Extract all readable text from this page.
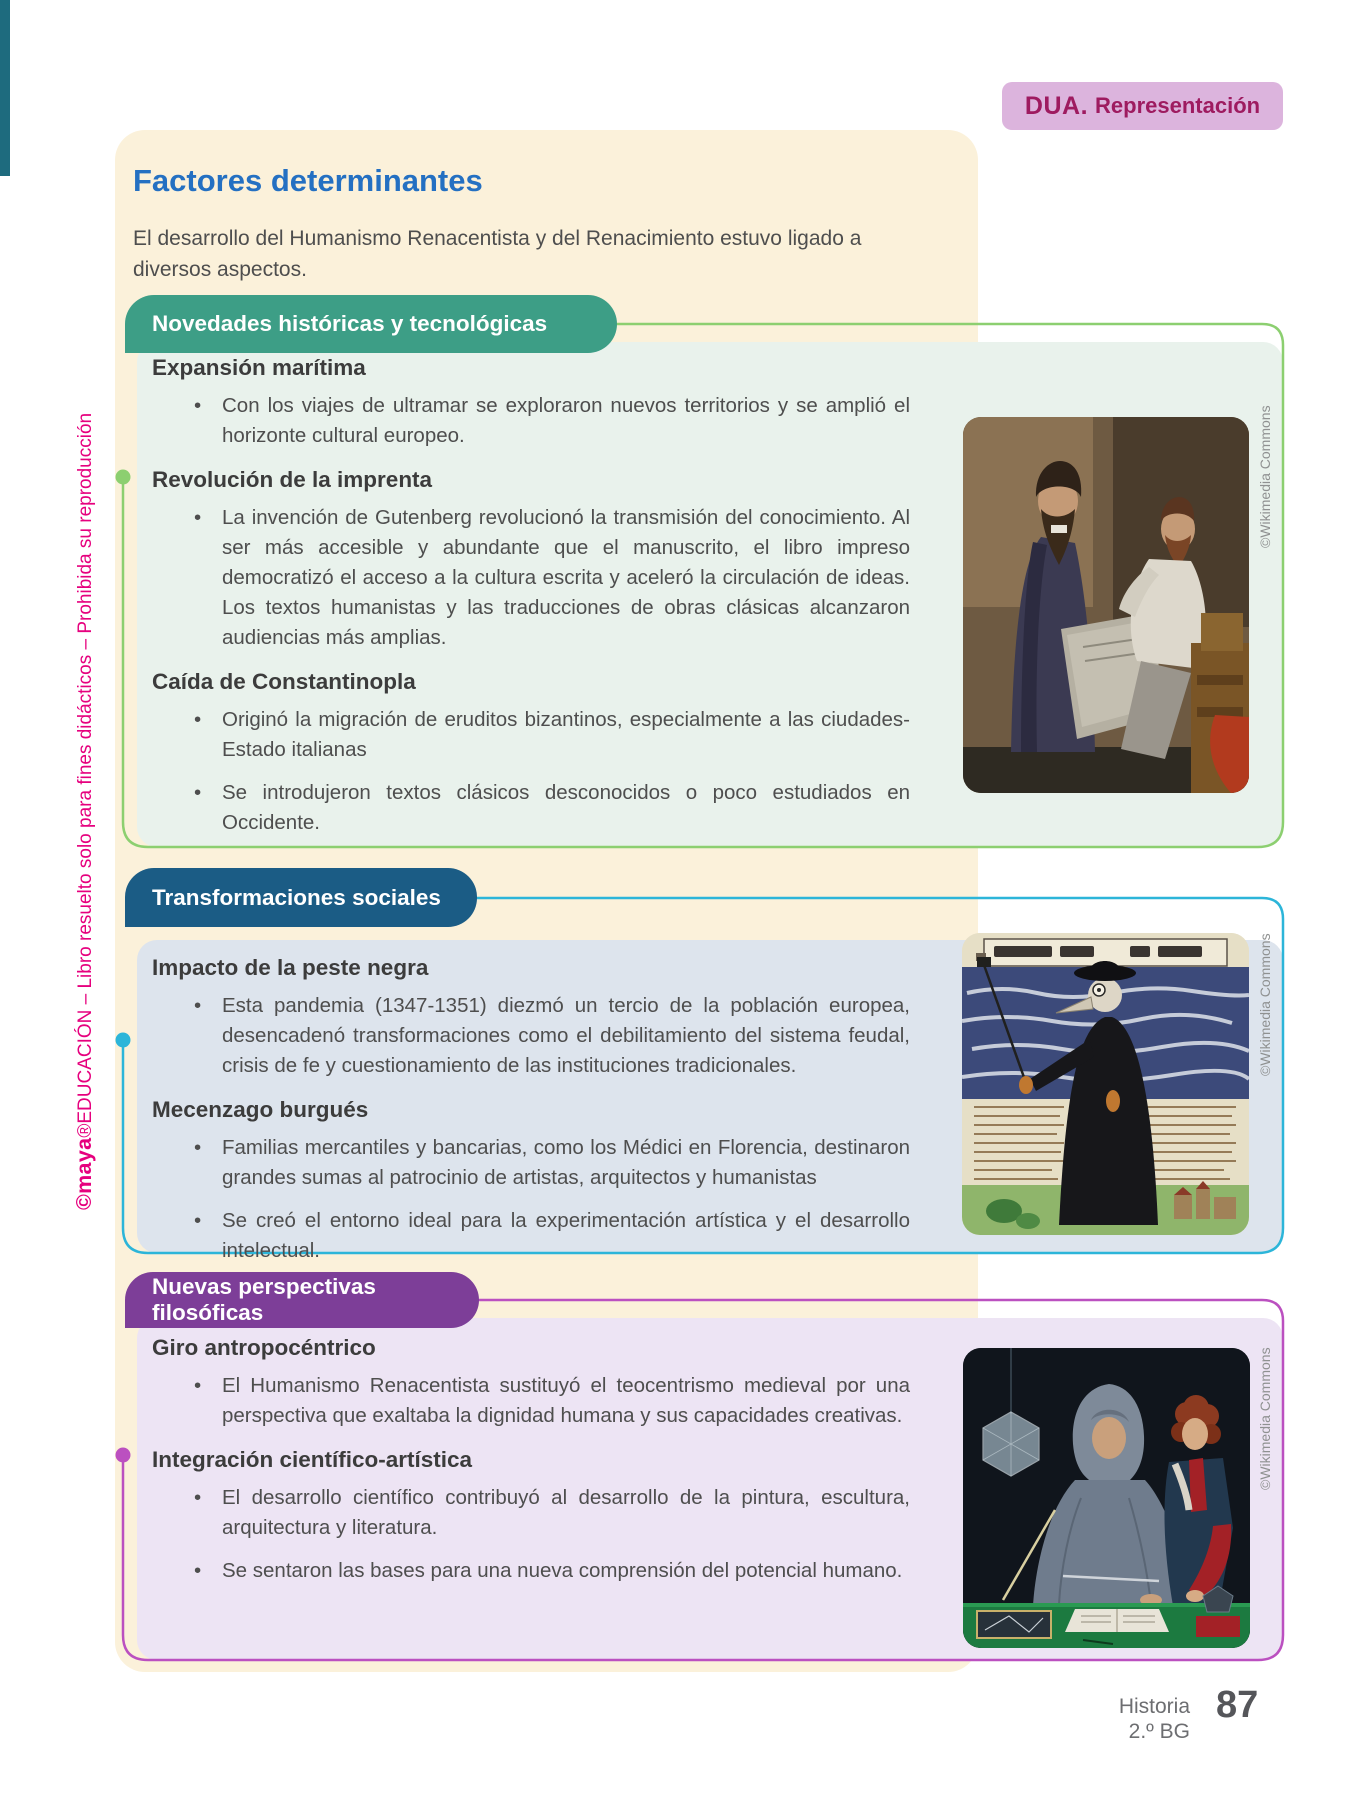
DUA. Representación
Factores determinantes

El desarrollo del Humanismo Renacentista y del Renacimiento estuvo ligado a diversos aspectos.

Novedades históricas y tecnológicas
Transformaciones sociales
Nuevas perspectivas filosóficas
Expansión marítima
• Con los viajes de ultramar se exploraron nuevos territorios y se amplió el horizonte cultural europeo.
Revolución de la imprenta
• La invención de Gutenberg revolucionó la transmisión del conocimiento. Al ser más accesible y abundante que el manuscrito, el libro impreso democratizó el acceso a la cultura escrita y aceleró la circulación de ideas. Los textos humanistas y las traducciones de obras clásicas alcanzaron audiencias más amplias.
Caída de Constantinopla
• Originó la migración de eruditos bizantinos, especialmente a las ciudades-Estado italianas
• Se introdujeron textos clásicos desconocidos o poco estudiados en Occidente.
Impacto de la peste negra
• Esta pandemia (1347-1351) diezmó un tercio de la población europea, desencadenó transformaciones como el debilitamiento del sistema feudal, crisis de fe y cuestionamiento de las instituciones tradicionales.
Mecenzago burgués
• Familias mercantiles y bancarias, como los Médici en Florencia, destinaron grandes sumas al patrocinio de artistas, arquitectos y humanistas
• Se creó el entorno ideal para la experimentación artística y el desarrollo intelectual.
Giro antropocéntrico
• El Humanismo Renacentista sustituyó el teocentrismo medieval por una perspectiva que exaltaba la dignidad humana y sus capacidades creativas.
Integración científico-artística
• El desarrollo científico contribuyó al desarrollo de la pintura, escultura, arquitectura y literatura.
• Se sentaron las bases para una nueva comprensión del potencial humano.
©Wikimedia Commons
©Wikimedia Commons
©Wikimedia Commons
©maya®EDUCACIÓN – Libro resuelto solo para fines didácticos – Prohibida su reproducción
Historia
2.º BG
87
